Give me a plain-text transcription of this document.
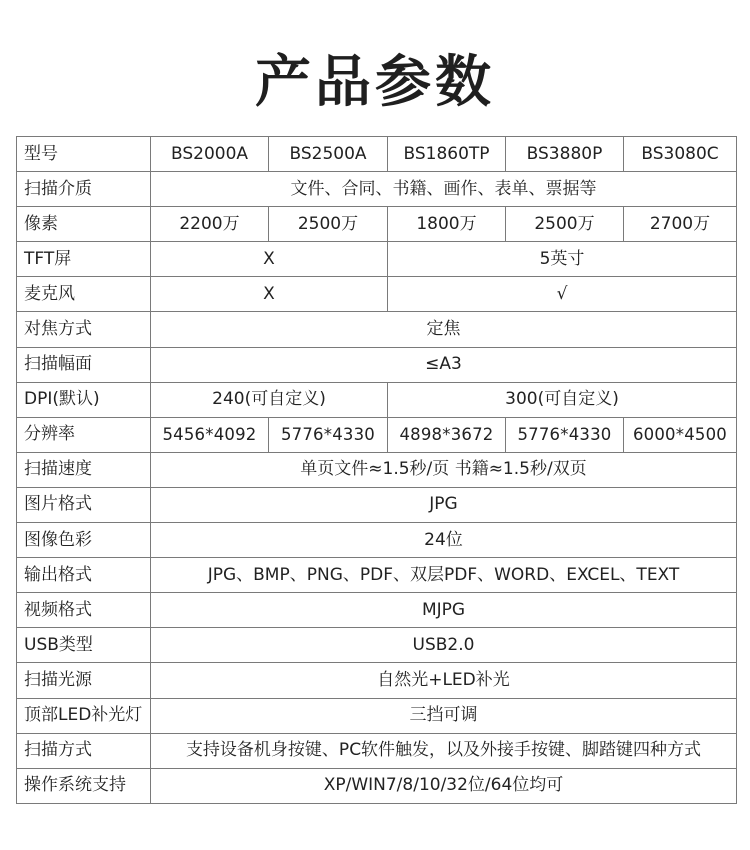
产品参数
型号	BS2000A	BS2500A	BS1860TP	BS3880P	BS3080C
扫描介质	文件、合同、书籍、画作、表单、票据等				
像素	2200万	2500万	1800万	2500万	2700万
TFT屏	X		5英寸		
麦克风	X		√		
对焦方式	定焦				
扫描幅面	≤A3				
DPI(默认)	240(可自定义)		300(可自定义)		
分辨率	5456*4092	5776*4330	4898*3672	5776*4330	6000*4500
扫描速度	单页文件≈1.5秒/页 书籍≈1.5秒/双页				
图片格式	JPG				
图像色彩	24位				
输出格式	JPG、BMP、PNG、PDF、双层PDF、WORD、EXCEL、TEXT				
视频格式	MJPG				
USB类型	USB2.0				
扫描光源	自然光+LED补光				
顶部LED补光灯	三挡可调				
扫描方式	支持设备机身按键、PC软件触发，以及外接手按键、脚踏键四种方式				
操作系统支持	XP/WIN7/8/10/32位/64位均可				
